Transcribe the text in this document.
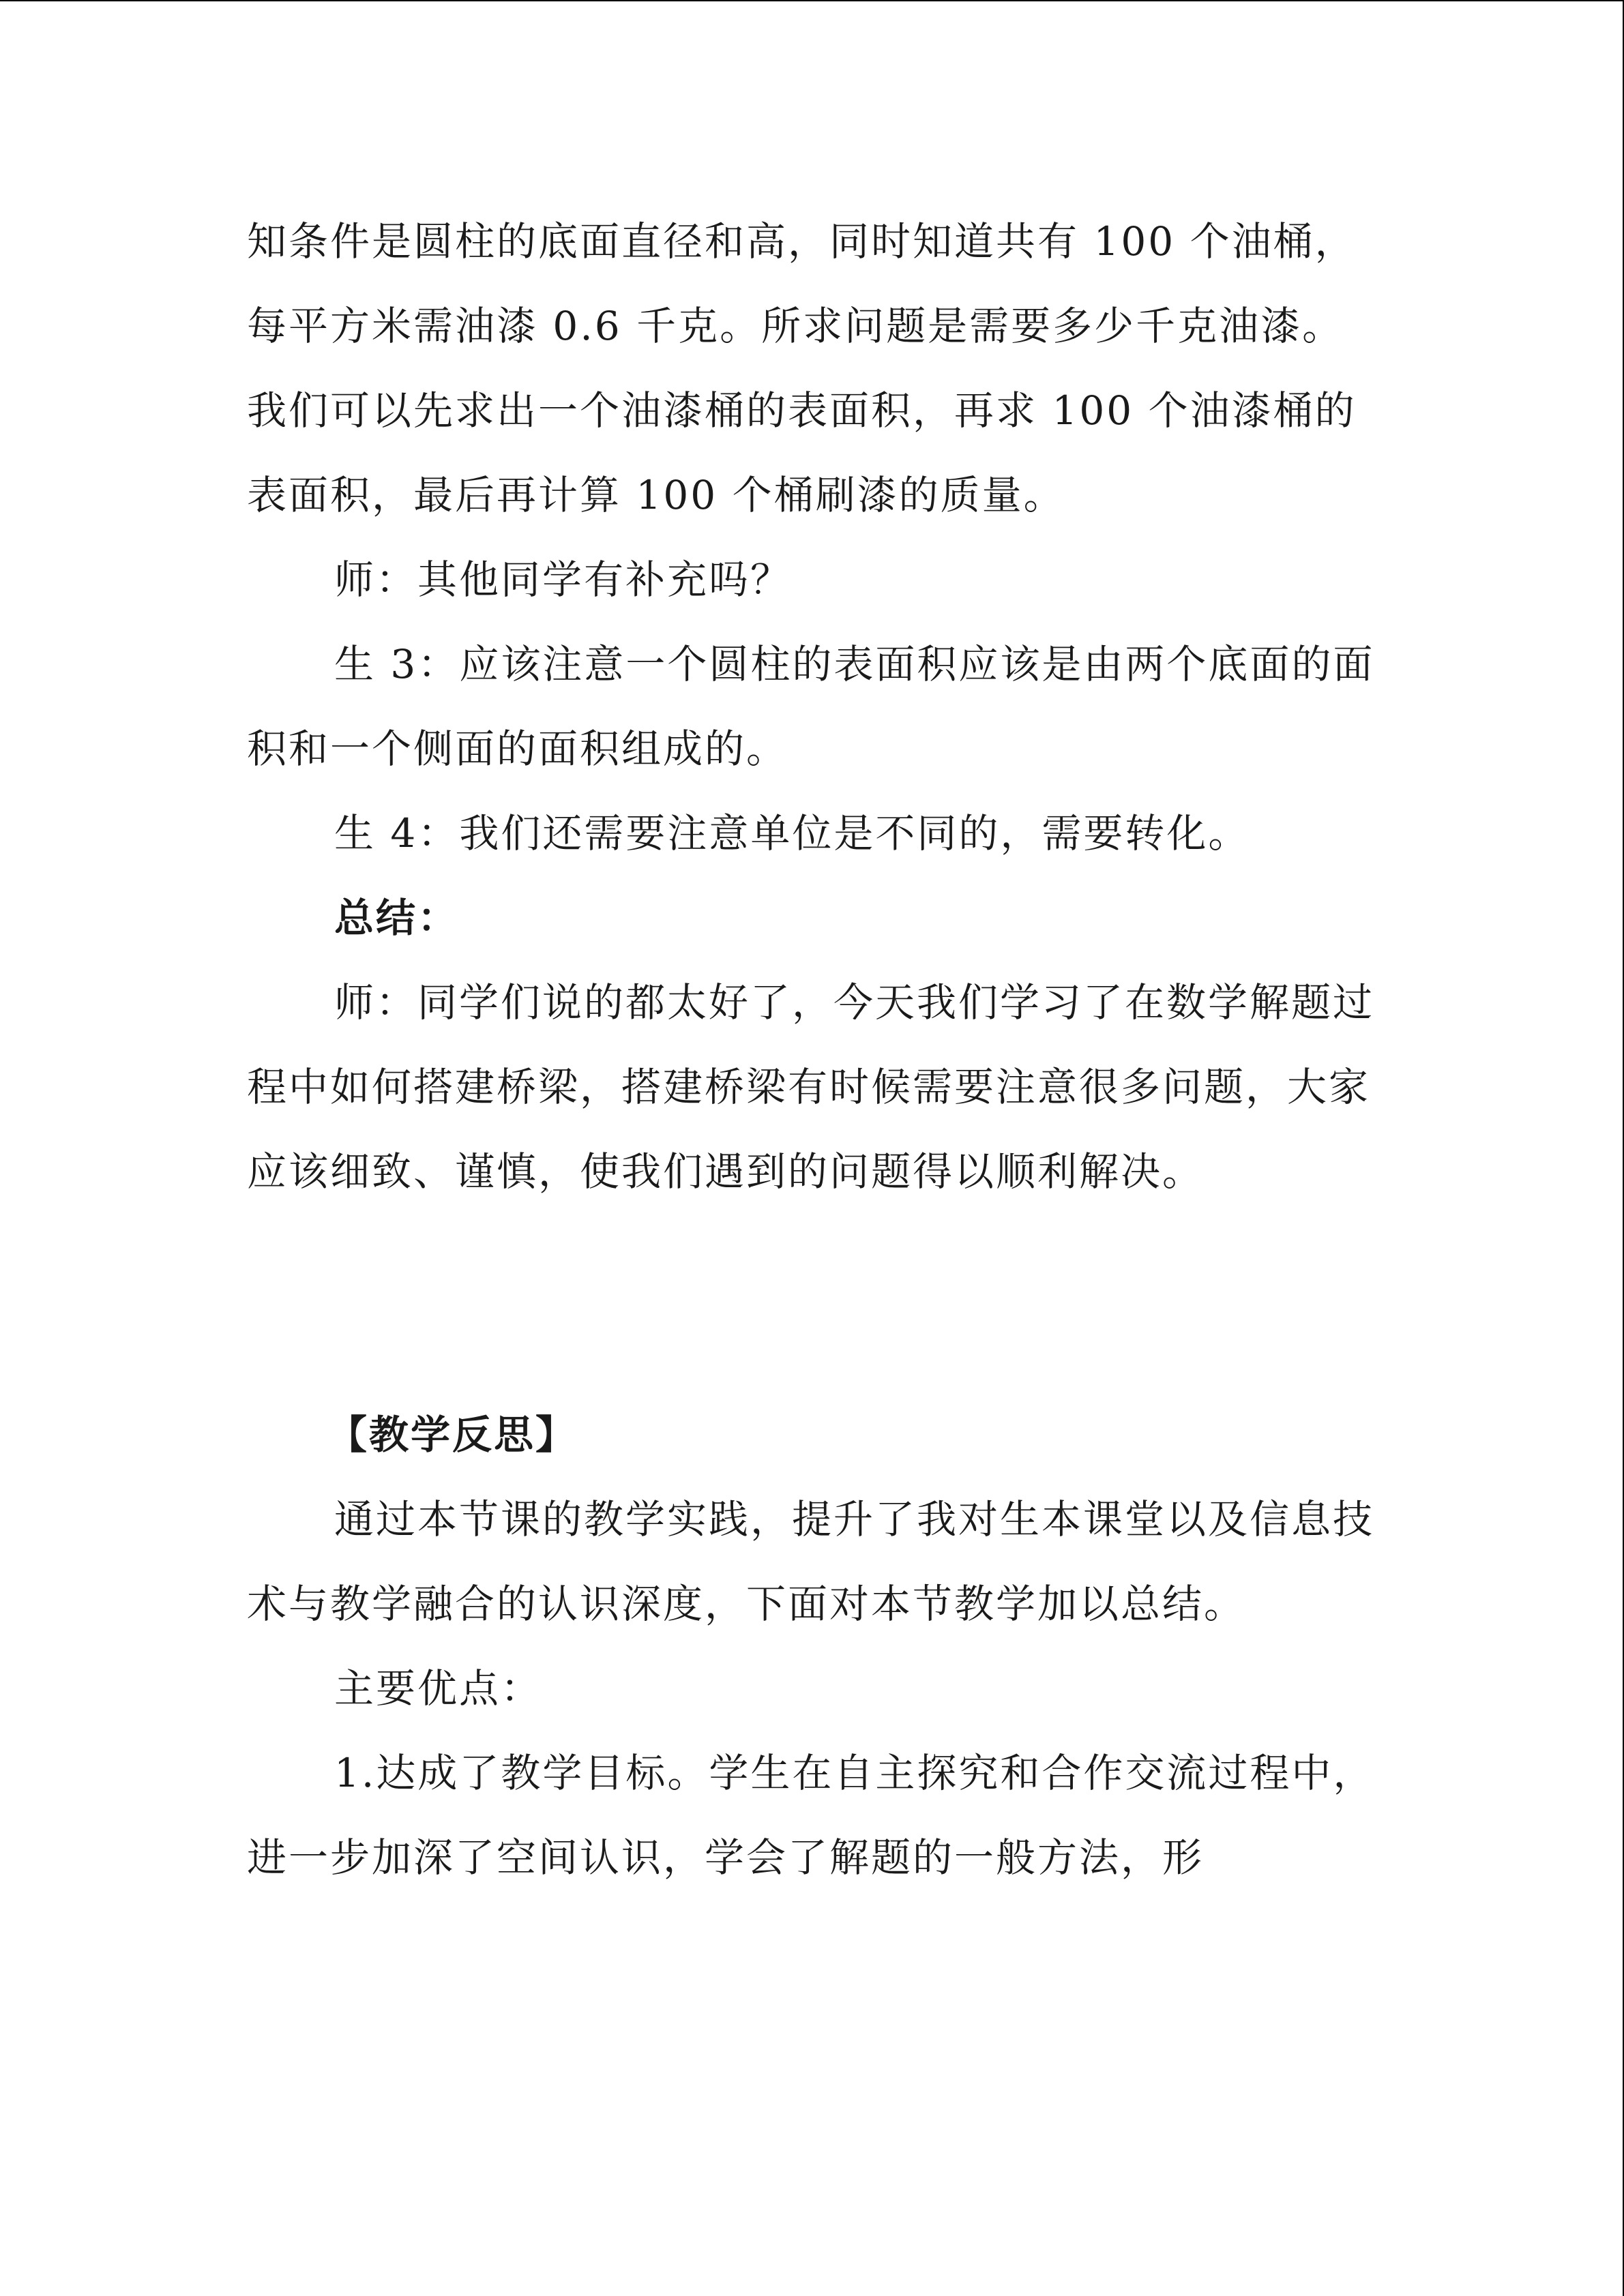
知条件是圆柱的底面直径和高，同时知道共有 100 个油桶，每平方米需油漆 0.6 千克。所求问题是需要多少千克油漆。我们可以先求出一个油漆桶的表面积，再求 100 个油漆桶的表面积，最后再计算 100 个桶刷漆的质量。

师：其他同学有补充吗？

生 3：应该注意一个圆柱的表面积应该是由两个底面的面积和一个侧面的面积组成的。

生 4：我们还需要注意单位是不同的，需要转化。

总结：

师：同学们说的都太好了，今天我们学习了在数学解题过程中如何搭建桥梁，搭建桥梁有时候需要注意很多问题，大家应该细致、谨慎，使我们遇到的问题得以顺利解决。

【教学反思】

通过本节课的教学实践，提升了我对生本课堂以及信息技术与教学融合的认识深度，下面对本节教学加以总结。

主要优点：

1.达成了教学目标。学生在自主探究和合作交流过程中，进一步加深了空间认识，学会了解题的一般方法，形
